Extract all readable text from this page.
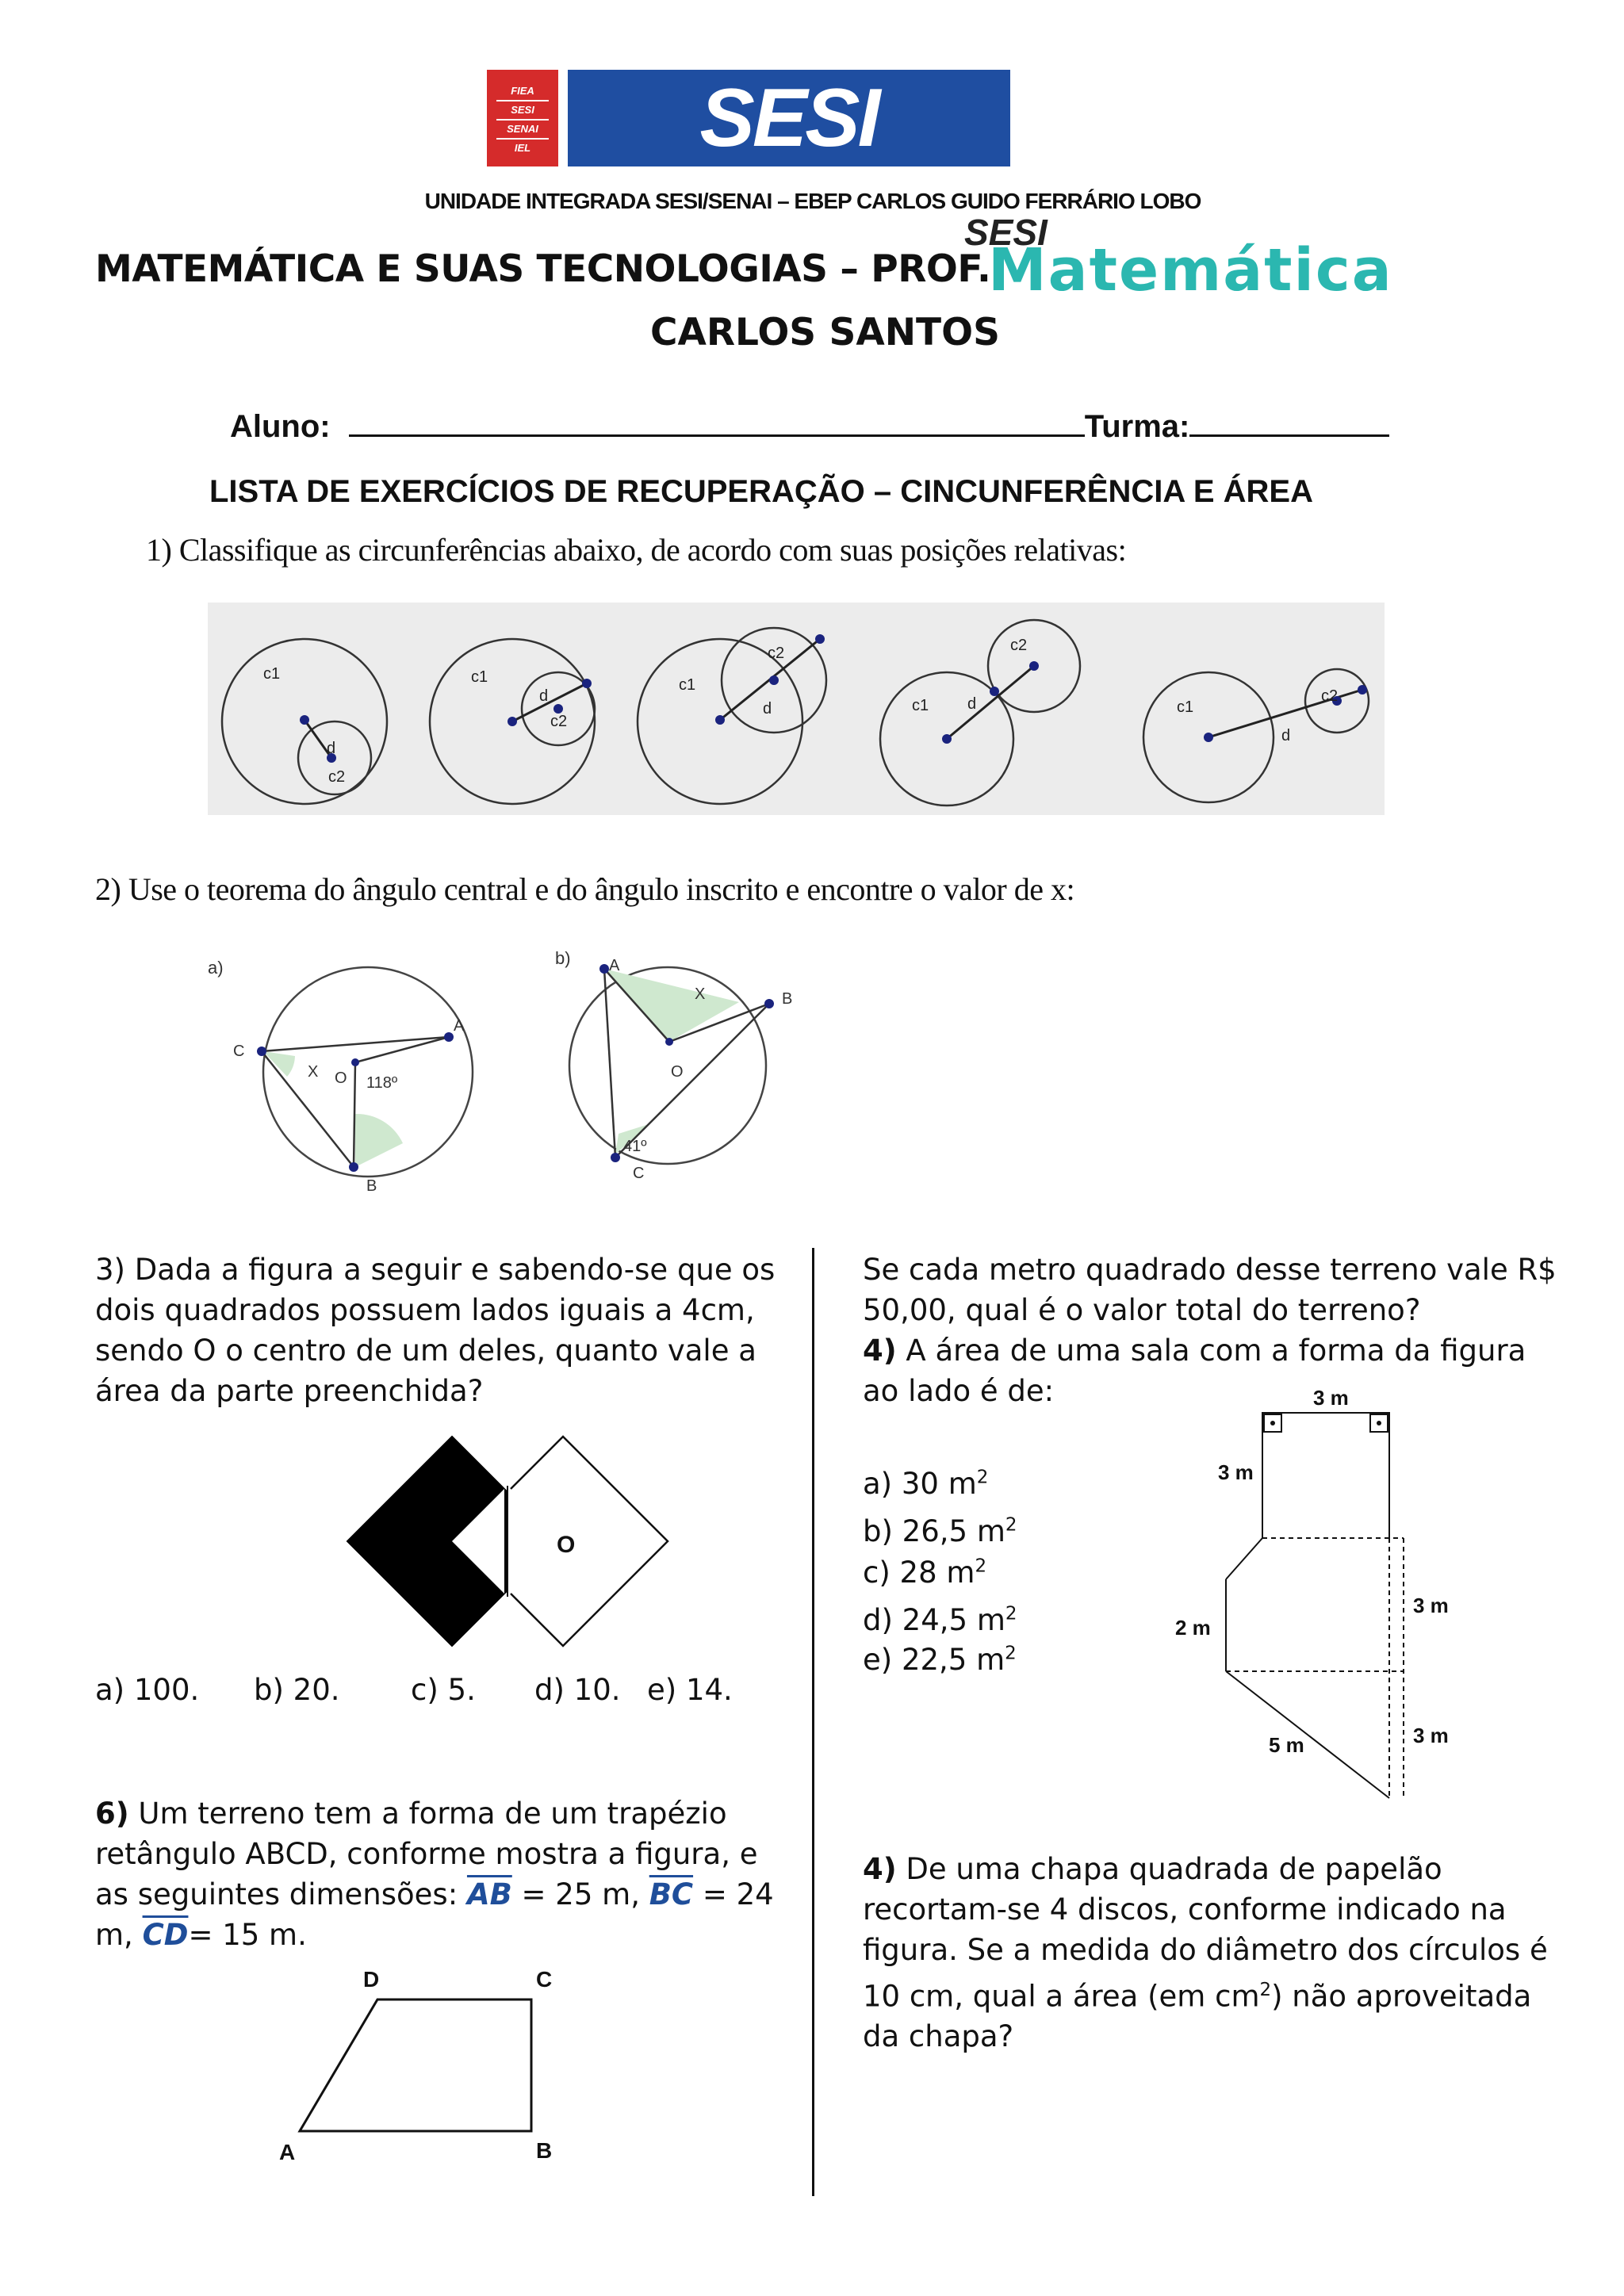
FIEA
SESI
SENAI
IEL	SESI
UNIDADE INTEGRADA SESI/SENAI – EBEP CARLOS GUIDO FERRÁRIO LOBO
MATEMÁTICA E SUAS TECNOLOGIAS – PROF.
SESI
Matemática
CARLOS SANTOS
Aluno:	Turma:
LISTA DE EXERCÍCIOS DE RECUPERAÇÃO – CINCUNFERÊNCIA E ÁREA
1) Classifique as circunferências abaixo, de acordo com suas posições relativas:
c1
d
c2
c1
d
c2
c1
c2
d	c1 d
c2
c1
d
c2
2) Use o teorema do ângulo central e do ângulo inscrito e encontre o valor de x:
a)
C
A
B
O
X
118º
b) A
B
C
O
X
41º
3) Dada a figura a seguir e sabendo-se que os dois quadrados possuem lados iguais a 4cm, sendo O o centro de um deles, quanto vale a área da parte preenchida?
O
a) 100. b) 20. c) 5. d) 10. e) 14.
6) Um terreno tem a forma de um trapézio retângulo ABCD, conforme mostra a figura, e as seguintes dimensões: $\overline{AB} = 25$ m, $\overline{BC} = 24$ m, $\overline{CD}= 15$ m.
D	C
A	B
Se cada metro quadrado desse terreno vale R$ 50,00, qual é o valor total do terreno?
4) A área de uma sala com a forma da figura ao lado é de:
a) 30 $m^2$
b) 26,5 $m^2$
c) 28 $m^2$
d) 24,5 $m^2$
e) 22,5 $m^2$
3 m
3 m
2 m
3 m
5 m	3 m
4) De uma chapa quadrada de papelão recortam-se 4 discos, conforme indicado na figura. Se a medida do diâmetro dos círculos é 10 cm, qual a área (em $cm^2$) não aproveitada da chapa?
